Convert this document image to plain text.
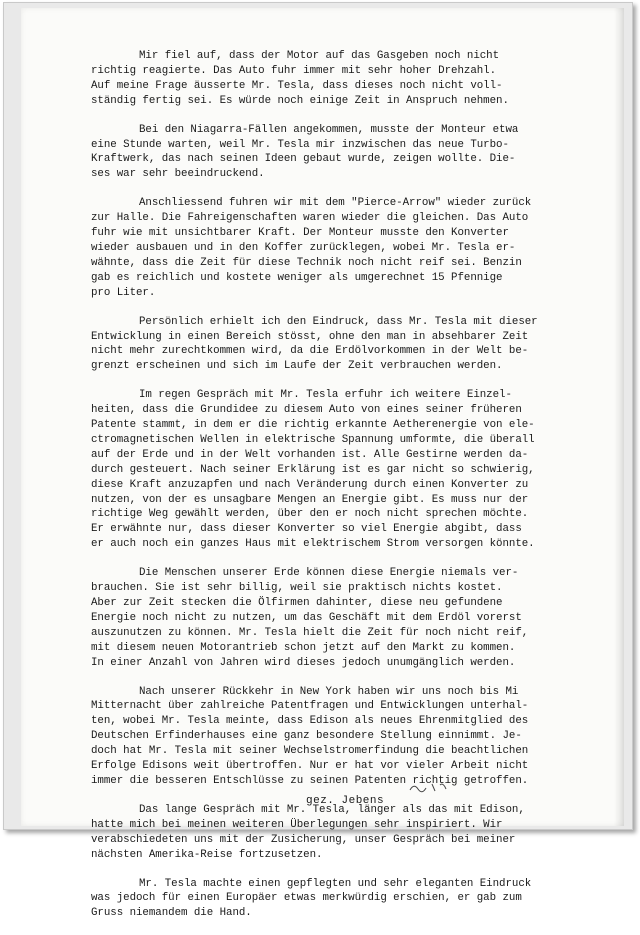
Mir fiel auf, dass der Motor auf das Gasgeben noch nicht
richtig reagierte. Das Auto fuhr immer mit sehr hoher Drehzahl.
Auf meine Frage äusserte Mr. Tesla, dass dieses noch nicht voll-
ständig fertig sei. Es würde noch einige Zeit in Anspruch nehmen.

Bei den Niagarra-Fällen angekommen, musste der Monteur etwa
eine Stunde warten, weil Mr. Tesla mir inzwischen das neue Turbo-
Kraftwerk, das nach seinen Ideen gebaut wurde, zeigen wollte. Die-
ses war sehr beeindruckend.

Anschliessend fuhren wir mit dem "Pierce-Arrow" wieder zurück
zur Halle. Die Fahreigenschaften waren wieder die gleichen. Das Auto
fuhr wie mit unsichtbarer Kraft. Der Monteur musste den Konverter
wieder ausbauen und in den Koffer zurücklegen, wobei Mr. Tesla er-
wähnte, dass die Zeit für diese Technik noch nicht reif sei. Benzin
gab es reichlich und kostete weniger als umgerechnet 15 Pfennige
pro Liter.

Persönlich erhielt ich den Eindruck, dass Mr. Tesla mit dieser
Entwicklung in einen Bereich stösst, ohne den man in absehbarer Zeit
nicht mehr zurechtkommen wird, da die Erdölvorkommen in der Welt be-
grenzt erscheinen und sich im Laufe der Zeit verbrauchen werden.

Im regen Gespräch mit Mr. Tesla erfuhr ich weitere Einzel-
heiten, dass die Grundidee zu diesem Auto von eines seiner früheren
Patente stammt, in dem er die richtig erkannte Aetherenergie von ele-
ctromagnetischen Wellen in elektrische Spannung umformte, die überall
auf der Erde und in der Welt vorhanden ist. Alle Gestirne werden da-
durch gesteuert. Nach seiner Erklärung ist es gar nicht so schwierig,
diese Kraft anzuzapfen und nach Veränderung durch einen Konverter zu
nutzen, von der es unsagbare Mengen an Energie gibt. Es muss nur der
richtige Weg gewählt werden, über den er noch nicht sprechen möchte.
Er erwähnte nur, dass dieser Konverter so viel Energie abgibt, dass
er auch noch ein ganzes Haus mit elektrischem Strom versorgen könnte.

Die Menschen unserer Erde können diese Energie niemals ver-
brauchen. Sie ist sehr billig, weil sie praktisch nichts kostet.
Aber zur Zeit stecken die Ölfirmen dahinter, diese neu gefundene
Energie noch nicht zu nutzen, um das Geschäft mit dem Erdöl vorerst
auszunutzen zu können. Mr. Tesla hielt die Zeit für noch nicht reif,
mit diesem neuen Motorantrieb schon jetzt auf den Markt zu kommen.
In einer Anzahl von Jahren wird dieses jedoch unumgänglich werden.

Nach unserer Rückkehr in New York haben wir uns noch bis Mi
Mitternacht über zahlreiche Patentfragen und Entwicklungen unterhal-
ten, wobei Mr. Tesla meinte, dass Edison als neues Ehrenmitglied des
Deutschen Erfinderhauses eine ganz besondere Stellung einnimmt. Je-
doch hat Mr. Tesla mit seiner Wechselstromerfindung die beachtlichen
Erfolge Edisons weit übertroffen. Nur er hat vor vieler Arbeit nicht
immer die besseren Entschlüsse zu seinen Patenten richtig getroffen.

Das lange Gespräch mit Mr. Tesla, länger als das mit Edison,
hatte mich bei meinen weiteren Überlegungen sehr inspiriert. Wir
verabschiedeten uns mit der Zusicherung, unser Gespräch bei meiner
nächsten Amerika-Reise fortzusetzen.

Mr. Tesla machte einen gepflegten und sehr eleganten Eindruck
was jedoch für einen Europäer etwas merkwürdig erschien, er gab zum
Gruss niemandem die Hand.

gez. Jebens
